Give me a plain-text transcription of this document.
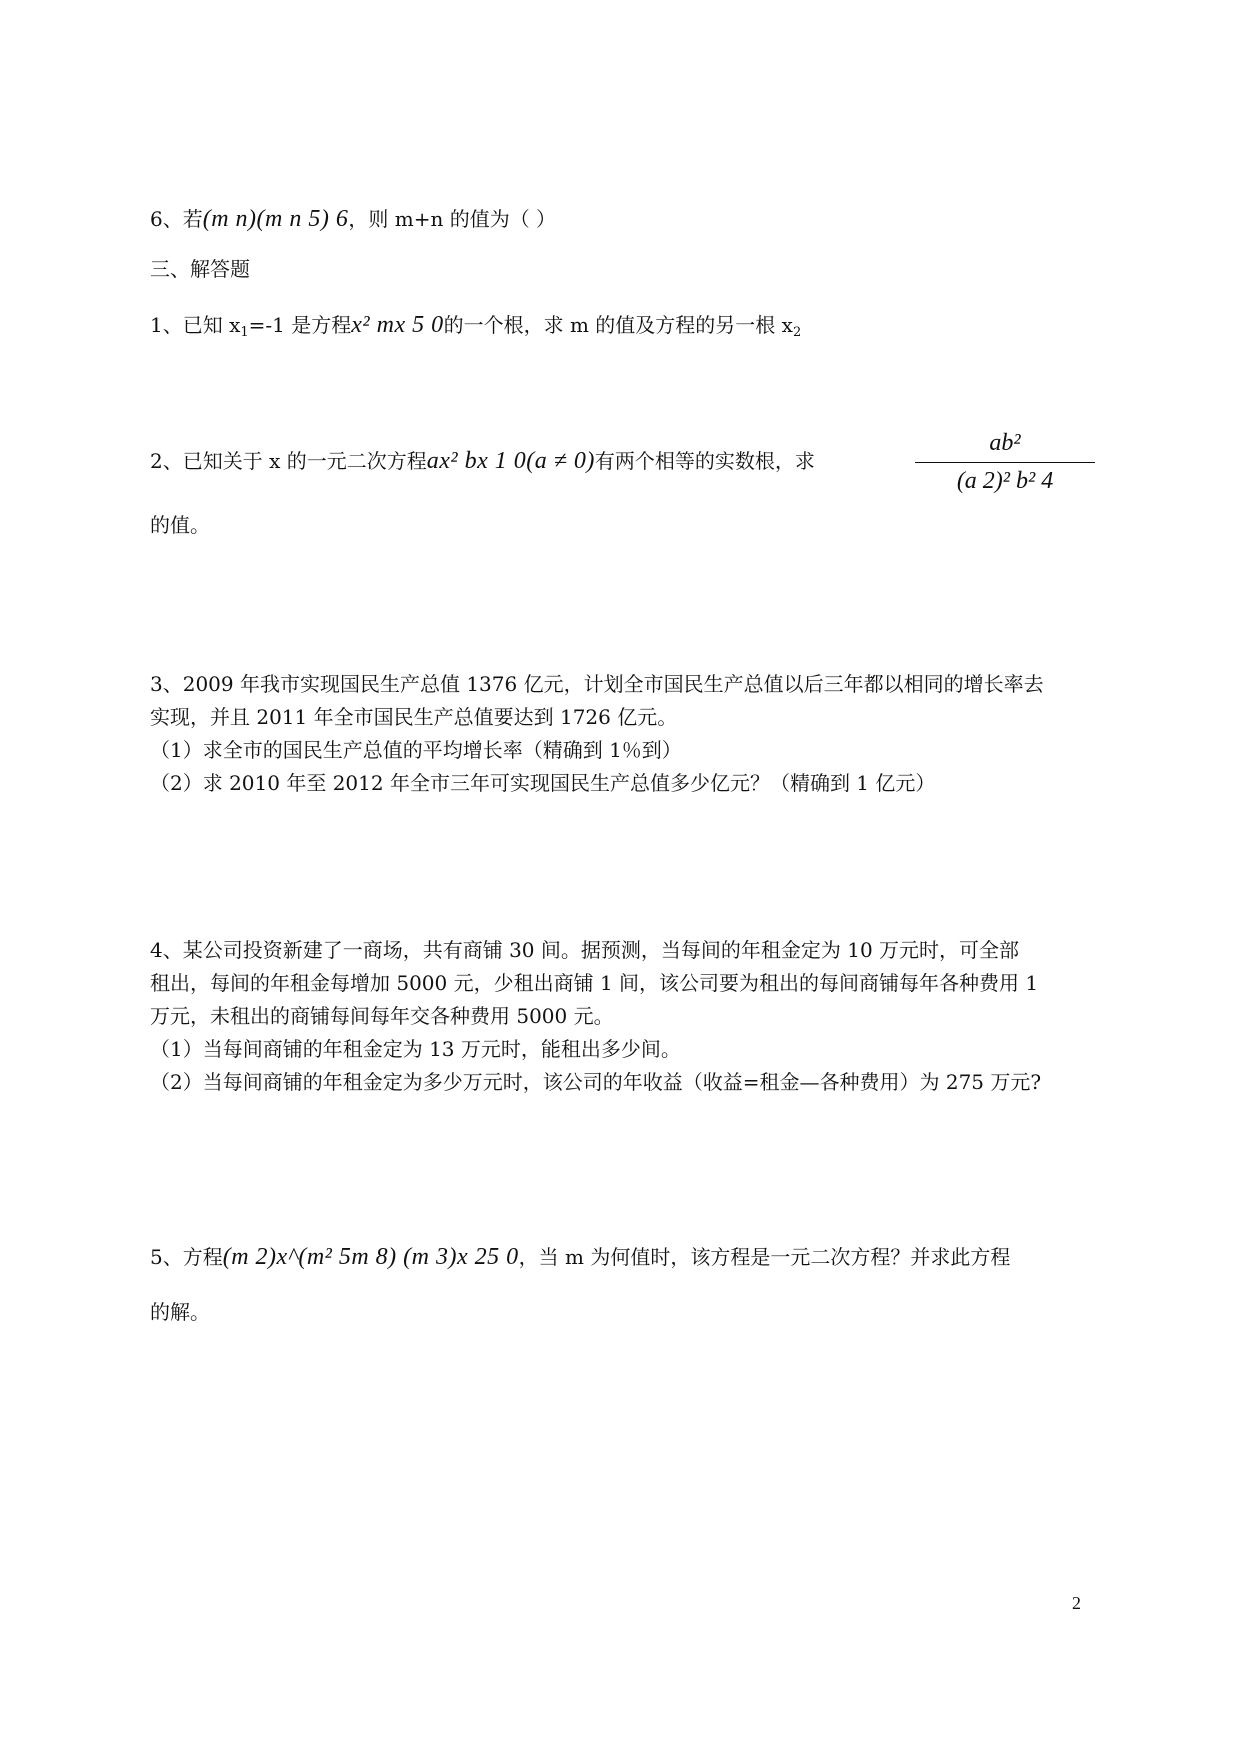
6、若(m n)(m n 5) 6，则 m+n 的值为（ ）
三、解答题
1、已知 $x_1=-1$ 是方程x² mx 5 0的一个根，求 m 的值及方程的另一根 $x_2$
2、已知关于 x 的一元二次方程ax² bx 1 0(a ≠ 0)有两个相等的实数根，求
ab²
(a 2)² b² 4
的值。
3、2009 年我市实现国民生产总值 1376 亿元，计划全市国民生产总值以后三年都以相同的增长率去
实现，并且 2011 年全市国民生产总值要达到 1726 亿元。
（1）求全市的国民生产总值的平均增长率（精确到 1％到）
（2）求 2010 年至 2012 年全市三年可实现国民生产总值多少亿元？（精确到 1 亿元）
4、某公司投资新建了一商场，共有商铺 30 间。据预测，当每间的年租金定为 10 万元时，可全部
租出，每间的年租金每增加 5000 元，少租出商铺 1 间，该公司要为租出的每间商铺每年各种费用 1
万元，未租出的商铺每间每年交各种费用 5000 元。
（1）当每间商铺的年租金定为 13 万元时，能租出多少间。
（2）当每间商铺的年租金定为多少万元时，该公司的年收益（收益=租金—各种费用）为 275 万元?
5、方程(m 2)x^(m² 5m 8) (m 3)x 25 0，当 m 为何值时，该方程是一元二次方程？并求此方程
的解。
2
